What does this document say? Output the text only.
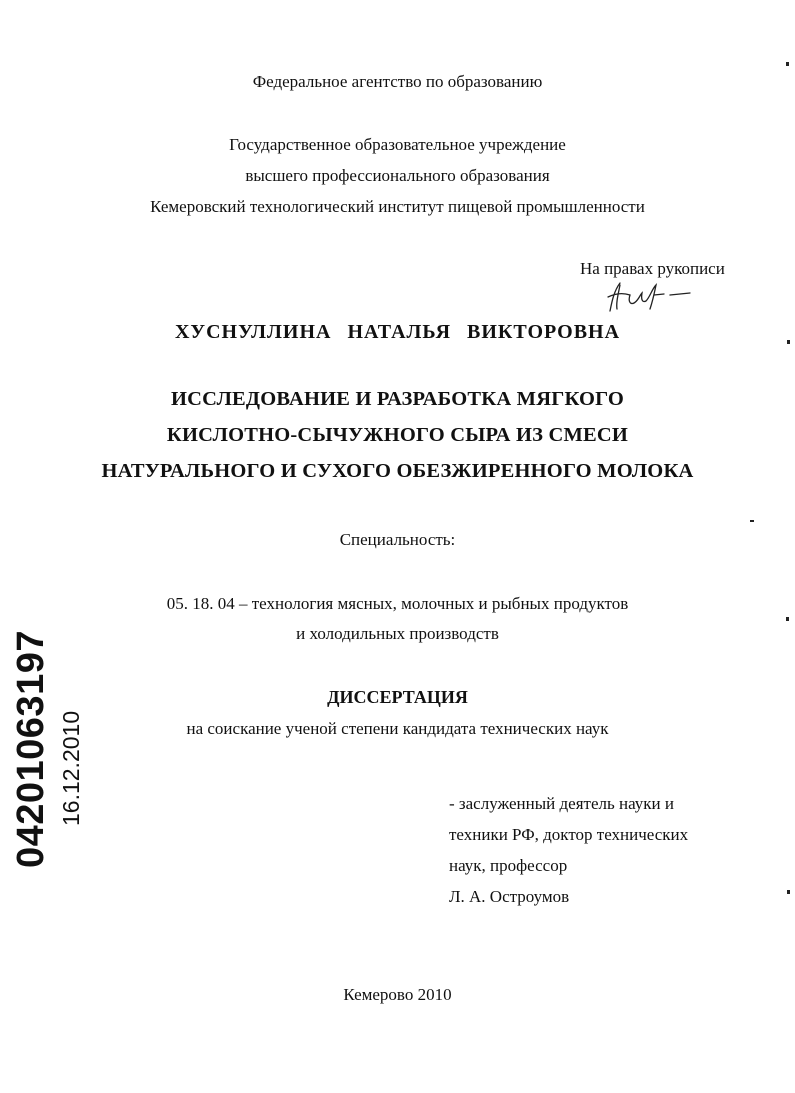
Федеральное агентство по образованию
Государственное образовательное учреждение
высшего профессионального образования
Кемеровский технологический институт пищевой промышленности
На правах рукописи
ХУСНУЛЛИНА НАТАЛЬЯ ВИКТОРОВНА
ИССЛЕДОВАНИЕ И РАЗРАБОТКА МЯГКОГО
КИСЛОТНО-СЫЧУЖНОГО СЫРА ИЗ СМЕСИ
НАТУРАЛЬНОГО И СУХОГО ОБЕЗЖИРЕННОГО МОЛОКА
Специальность:
05. 18. 04 – технология мясных, молочных и рыбных продуктов
и холодильных производств
ДИССЕРТАЦИЯ
на соискание ученой степени кандидата технических наук
- заслуженный деятель науки и
техники РФ, доктор технических
наук, профессор
Л. А. Остроумов
Кемерово 2010
04201063197 16.12.2010
